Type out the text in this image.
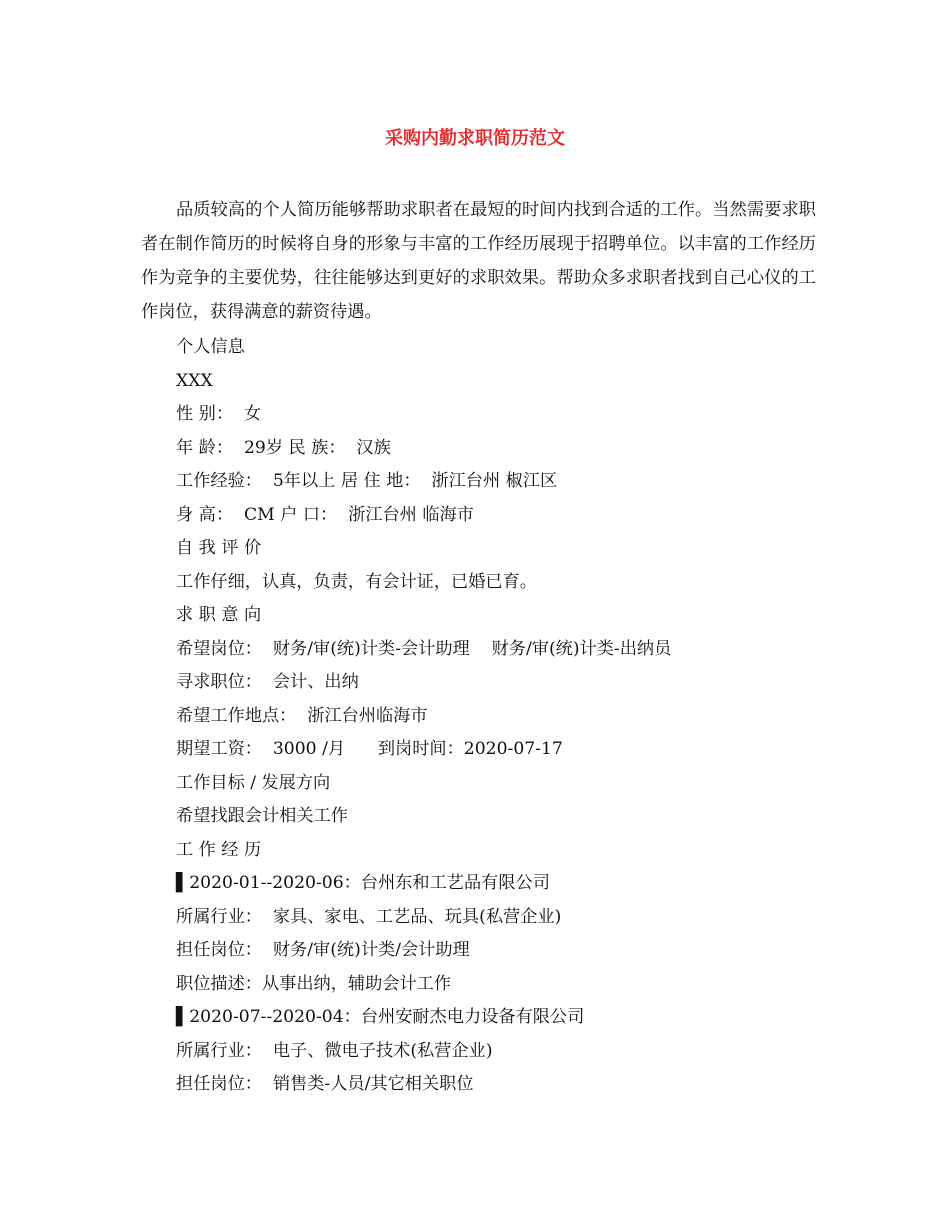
采购内勤求职简历范文

品质较高的个人简历能够帮助求职者在最短的时间内找到合适的工作。当然需要求职者在制作简历的时候将自身的形象与丰富的工作经历展现于招聘单位。以丰富的工作经历作为竞争的主要优势，往往能够达到更好的求职效果。帮助众多求职者找到自己心仪的工作岗位，获得满意的薪资待遇。

个人信息
XXX
性 别：  女
年 龄：  29岁 民 族：  汉族
工作经验：  5年以上 居 住 地：  浙江台州 椒江区
身 高：  CM 户 口：  浙江台州 临海市
自 我 评 价
工作仔细，认真，负责，有会计证，已婚已育。
求 职 意 向
希望岗位：  财务/审(统)计类-会计助理    财务/审(统)计类-出纳员
寻求职位：  会计、出纳
希望工作地点：  浙江台州临海市
期望工资：  3000 /月      到岗时间：2020-07-17
工作目标 / 发展方向
希望找跟会计相关工作
工 作 经 历
▌2020-01--2020-06：台州东和工艺品有限公司
所属行业：  家具、家电、工艺品、玩具(私营企业)
担任岗位：  财务/审(统)计类/会计助理
职位描述：从事出纳，辅助会计工作
▌2020-07--2020-04：台州安耐杰电力设备有限公司
所属行业：  电子、微电子技术(私营企业)
担任岗位：  销售类-人员/其它相关职位
